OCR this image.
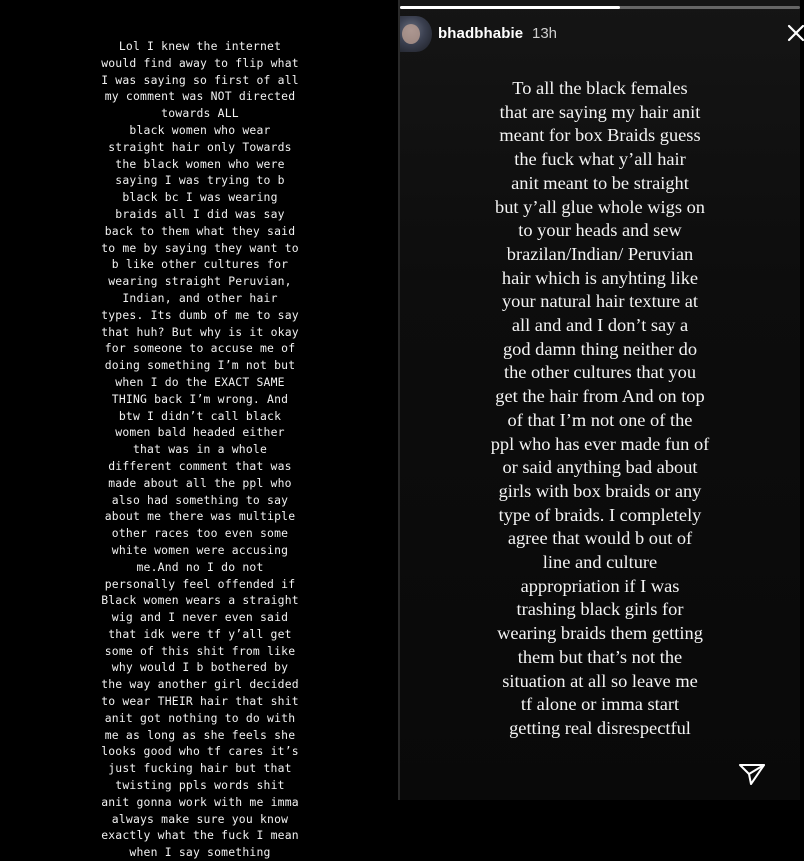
Lol I knew the internet
would find away to flip what
I was saying so first of all
my comment was NOT directed
towards ALL
black women who wear
straight hair only Towards
the black women who were
saying I was trying to b
black bc I was wearing
braids all I did was say
back to them what they said
to me by saying they want to
b like other cultures for
wearing straight Peruvian,
Indian, and other hair
types. Its dumb of me to say
that huh? But why is it okay
for someone to accuse me of
doing something I’m not but
when I do the EXACT SAME
THING back I’m wrong. And
btw I didn’t call black
women bald headed either
that was in a whole
different comment that was
made about all the ppl who
also had something to say
about me there was multiple
other races too even some
white women were accusing
me.And no I do not
personally feel offended if
Black women wears a straight
wig and I never even said
that idk were tf y’all get
some of this shit from like
why would I b bothered by
the way another girl decided
to wear THEIR hair that shit
anit got nothing to do with
me as long as she feels she
looks good who tf cares it’s
just fucking hair but that
twisting ppls words shit
anit gonna work with me imma
always make sure you know
exactly what the fuck I mean
when I say something
bhadbhabie 13h
To all the black females
that are saying my hair anit
meant for box Braids guess
the fuck what y’all hair
anit meant to be straight
but y’all glue whole wigs on
to your heads and sew
brazilan/Indian/ Peruvian
hair which is anyhting like
your natural hair texture at
all and and I don’t say a
god damn thing neither do
the other cultures that you
get the hair from And on top
of that I’m not one of the
ppl who has ever made fun of
or said anything bad about
girls with box braids or any
type of braids. I completely
agree that would b out of
line and culture
appropriation if I was
trashing black girls for
wearing braids them getting
them but that’s not the
situation at all so leave me
tf alone or imma start
getting real disrespectful
